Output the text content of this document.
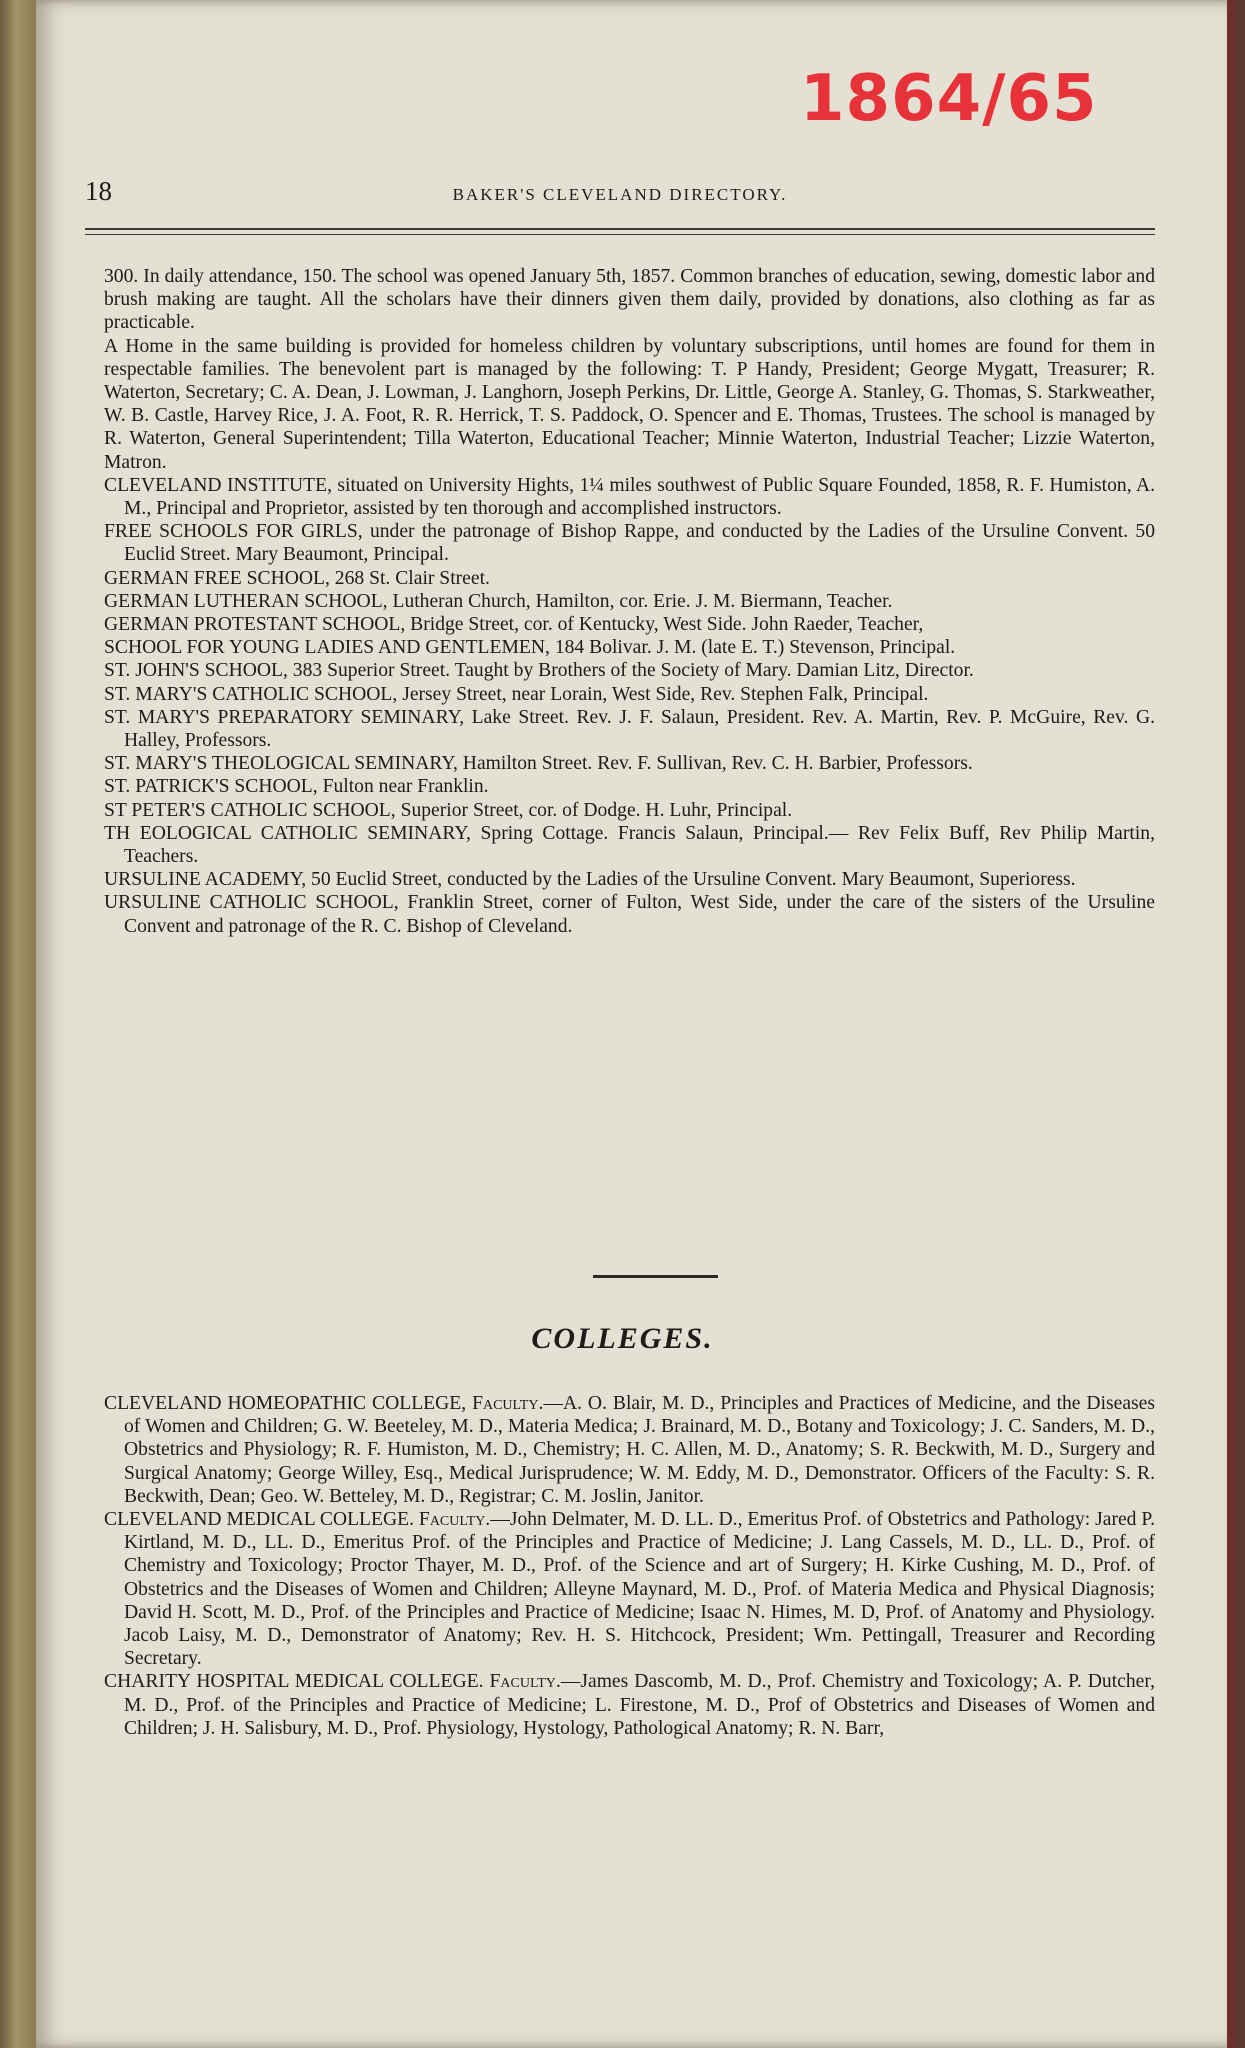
1864/65
18	BAKER'S CLEVELAND DIRECTORY.

300. In daily attendance, 150. The school was opened January 5th, 1857. Common branches of education, sewing, domestic labor and brush making are taught. All the scholars have their dinners given them daily, provided by donations, also clothing as far as practicable.

A Home in the same building is provided for homeless children by voluntary subscriptions, until homes are found for them in respectable families. The benevolent part is managed by the following: T. P Handy, President; George Mygatt, Treasurer; R. Waterton, Secretary; C. A. Dean, J. Lowman, J. Langhorn, Joseph Perkins, Dr. Little, George A. Stanley, G. Thomas, S. Starkweather, W. B. Castle, Harvey Rice, J. A. Foot, R. R. Herrick, T. S. Paddock, O. Spencer and E. Thomas, Trustees. The school is managed by R. Waterton, General Superintendent; Tilla Waterton, Educational Teacher; Minnie Waterton, Industrial Teacher; Lizzie Waterton, Matron.

CLEVELAND INSTITUTE, situated on University Hights, 1¼ miles southwest of Public Square Founded, 1858, R. F. Humiston, A. M., Principal and Proprietor, assisted by ten thorough and accomplished instructors.

FREE SCHOOLS FOR GIRLS, under the patronage of Bishop Rappe, and conducted by the Ladies of the Ursuline Convent. 50 Euclid Street. Mary Beaumont, Principal.

GERMAN FREE SCHOOL, 268 St. Clair Street.

GERMAN LUTHERAN SCHOOL, Lutheran Church, Hamilton, cor. Erie. J. M. Biermann, Teacher.

GERMAN PROTESTANT SCHOOL, Bridge Street, cor. of Kentucky, West Side. John Raeder, Teacher,

SCHOOL FOR YOUNG LADIES AND GENTLEMEN, 184 Bolivar. J. M. (late E. T.) Stevenson, Principal.

ST. JOHN'S SCHOOL, 383 Superior Street. Taught by Brothers of the Society of Mary. Damian Litz, Director.

ST. MARY'S CATHOLIC SCHOOL, Jersey Street, near Lorain, West Side, Rev. Stephen Falk, Principal.

ST. MARY'S PREPARATORY SEMINARY, Lake Street. Rev. J. F. Salaun, President. Rev. A. Martin, Rev. P. McGuire, Rev. G. Halley, Professors.

ST. MARY'S THEOLOGICAL SEMINARY, Hamilton Street. Rev. F. Sullivan, Rev. C. H. Barbier, Professors.

ST. PATRICK'S SCHOOL, Fulton near Franklin.

ST PETER'S CATHOLIC SCHOOL, Superior Street, cor. of Dodge. H. Luhr, Principal.

TH EOLOGICAL CATHOLIC SEMINARY, Spring Cottage. Francis Salaun, Principal.— Rev Felix Buff, Rev Philip Martin, Teachers.

URSULINE ACADEMY, 50 Euclid Street, conducted by the Ladies of the Ursuline Convent. Mary Beaumont, Superioress.

URSULINE CATHOLIC SCHOOL, Franklin Street, corner of Fulton, West Side, under the care of the sisters of the Ursuline Convent and patronage of the R. C. Bishop of Cleveland.

COLLEGES.

CLEVELAND HOMEOPATHIC COLLEGE, Faculty.—A. O. Blair, M. D., Principles and Practices of Medicine, and the Diseases of Women and Children; G. W. Beeteley, M. D., Materia Medica; J. Brainard, M. D., Botany and Toxicology; J. C. Sanders, M. D., Obstetrics and Physiology; R. F. Humiston, M. D., Chemistry; H. C. Allen, M. D., Anatomy; S. R. Beckwith, M. D., Surgery and Surgical Anatomy; George Willey, Esq., Medical Jurisprudence; W. M. Eddy, M. D., Demonstrator. Officers of the Faculty: S. R. Beckwith, Dean; Geo. W. Betteley, M. D., Registrar; C. M. Joslin, Janitor.

CLEVELAND MEDICAL COLLEGE. Faculty.—John Delmater, M. D. LL. D., Emeritus Prof. of Obstetrics and Pathology: Jared P. Kirtland, M. D., LL. D., Emeritus Prof. of the Principles and Practice of Medicine; J. Lang Cassels, M. D., LL. D., Prof. of Chemistry and Toxicology; Proctor Thayer, M. D., Prof. of the Science and art of Surgery; H. Kirke Cushing, M. D., Prof. of Obstetrics and the Diseases of Women and Children; Alleyne Maynard, M. D., Prof. of Materia Medica and Physical Diagnosis; David H. Scott, M. D., Prof. of the Principles and Practice of Medicine; Isaac N. Himes, M. D, Prof. of Anatomy and Physiology. Jacob Laisy, M. D., Demonstrator of Anatomy; Rev. H. S. Hitchcock, President; Wm. Pettingall, Treasurer and Recording Secretary.

CHARITY HOSPITAL MEDICAL COLLEGE. Faculty.—James Dascomb, M. D., Prof. Chemistry and Toxicology; A. P. Dutcher, M. D., Prof. of the Principles and Practice of Medicine; L. Firestone, M. D., Prof of Obstetrics and Diseases of Women and Children; J. H. Salisbury, M. D., Prof. Physiology, Hystology, Pathological Anatomy; R. N. Barr,
